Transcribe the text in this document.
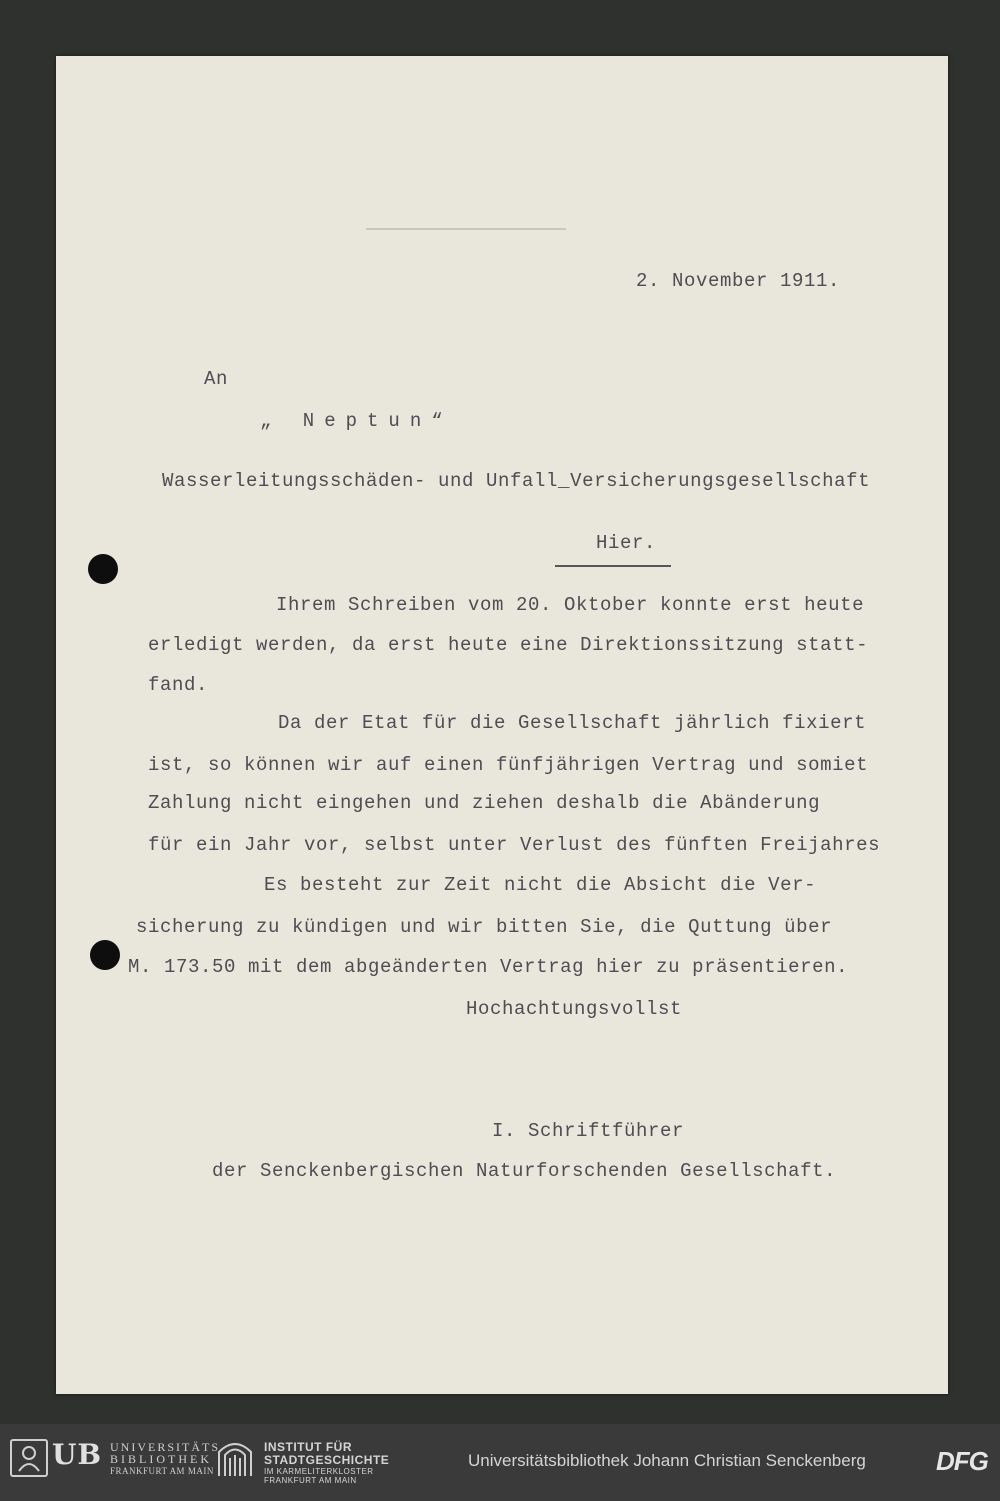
2. November 1911.

An

„ Neptun“

Wasserleitungsschäden- und Unfall_Versicherungsgesellschaft

Hier.

Ihrem Schreiben vom 20. Oktober konnte erst heute

erledigt werden, da erst heute eine Direktionssitzung statt-

fand.

Da der Etat für die Gesellschaft jährlich fixiert

ist, so können wir auf einen fünfjährigen Vertrag und somiet

Zahlung nicht eingehen und ziehen deshalb die Abänderung

für ein Jahr vor, selbst unter Verlust des fünften Freijahres

Es besteht zur Zeit nicht die Absicht die Ver-

sicherung zu kündigen und wir bitten Sie, die Quttung über

M. 173.50 mit dem abgeänderten Vertrag hier zu präsentieren.

Hochachtungsvollst

I. Schriftführer

der Senckenbergischen Naturforschenden Gesellschaft.

UB UNIVERSITÄTS
BIBLIOTHEK
FRANKFURT AM MAIN
INSTITUT FÜR
STADTGESCHICHTE
IM KARMELITERKLOSTER
FRANKFURT AM MAIN
Universitätsbibliothek Johann Christian Senckenberg	DFG
